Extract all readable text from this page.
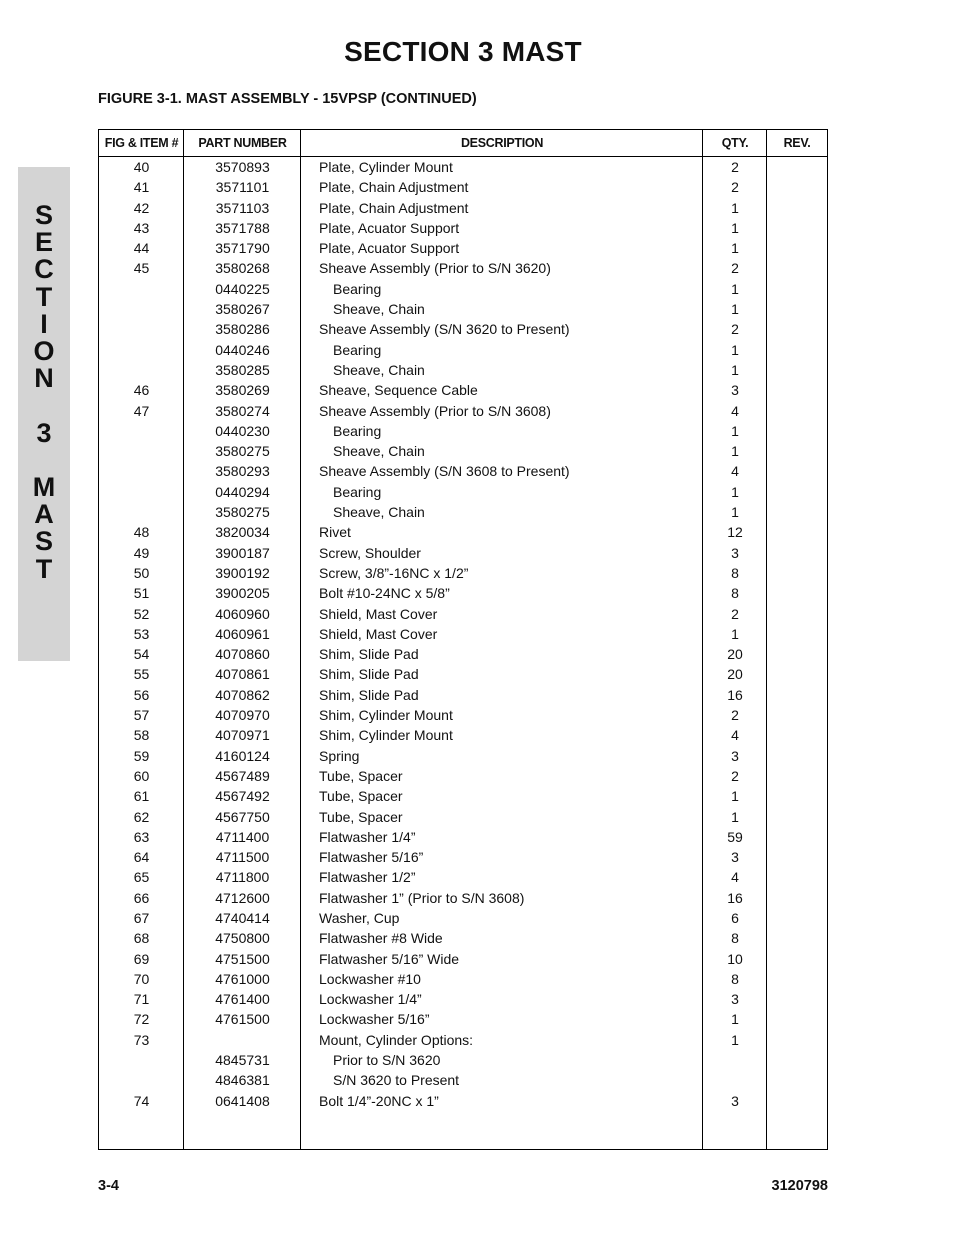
SECTION 3 MAST
FIGURE 3-1. MAST ASSEMBLY - 15VPSP (CONTINUED)
S
E
C
T
I
O
N
3
M
A
S
T
FIG & ITEM #	PART NUMBER	DESCRIPTION	QTY.	REV.
40	3570893	Plate, Cylinder Mount	2
41	3571101	Plate, Chain Adjustment	2
42	3571103	Plate, Chain Adjustment	1
43	3571788	Plate, Acuator Support	1
44	3571790	Plate, Acuator Support	1
45	3580268	Sheave Assembly (Prior to S/N 3620)	2
0440225	Bearing	1
3580267	Sheave, Chain	1
3580286	Sheave Assembly (S/N 3620 to Present)	2
0440246	Bearing	1
3580285	Sheave, Chain	1
46	3580269	Sheave, Sequence Cable	3
47	3580274	Sheave Assembly (Prior to S/N 3608)	4
0440230	Bearing	1
3580275	Sheave, Chain	1
3580293	Sheave Assembly (S/N 3608 to Present)	4
0440294	Bearing	1
3580275	Sheave, Chain	1
48	3820034	Rivet	12
49	3900187	Screw, Shoulder	3
50	3900192	Screw, 3/8”-16NC x 1/2”	8
51	3900205	Bolt #10-24NC x 5/8”	8
52	4060960	Shield, Mast Cover	2
53	4060961	Shield, Mast Cover	1
54	4070860	Shim, Slide Pad	20
55	4070861	Shim, Slide Pad	20
56	4070862	Shim, Slide Pad	16
57	4070970	Shim, Cylinder Mount	2
58	4070971	Shim, Cylinder Mount	4
59	4160124	Spring	3
60	4567489	Tube, Spacer	2
61	4567492	Tube, Spacer	1
62	4567750	Tube, Spacer	1
63	4711400	Flatwasher 1/4”	59
64	4711500	Flatwasher 5/16”	3
65	4711800	Flatwasher 1/2”	4
66	4712600	Flatwasher 1” (Prior to S/N 3608)	16
67	4740414	Washer, Cup	6
68	4750800	Flatwasher #8 Wide	8
69	4751500	Flatwasher 5/16” Wide	10
70	4761000	Lockwasher #10	8
71	4761400	Lockwasher 1/4”	3
72	4761500	Lockwasher 5/16”	1
73	Mount, Cylinder Options:	1
4845731	Prior to S/N 3620
4846381	S/N 3620 to Present
74	0641408	Bolt 1/4”-20NC x 1”	3
3-4	3120798
